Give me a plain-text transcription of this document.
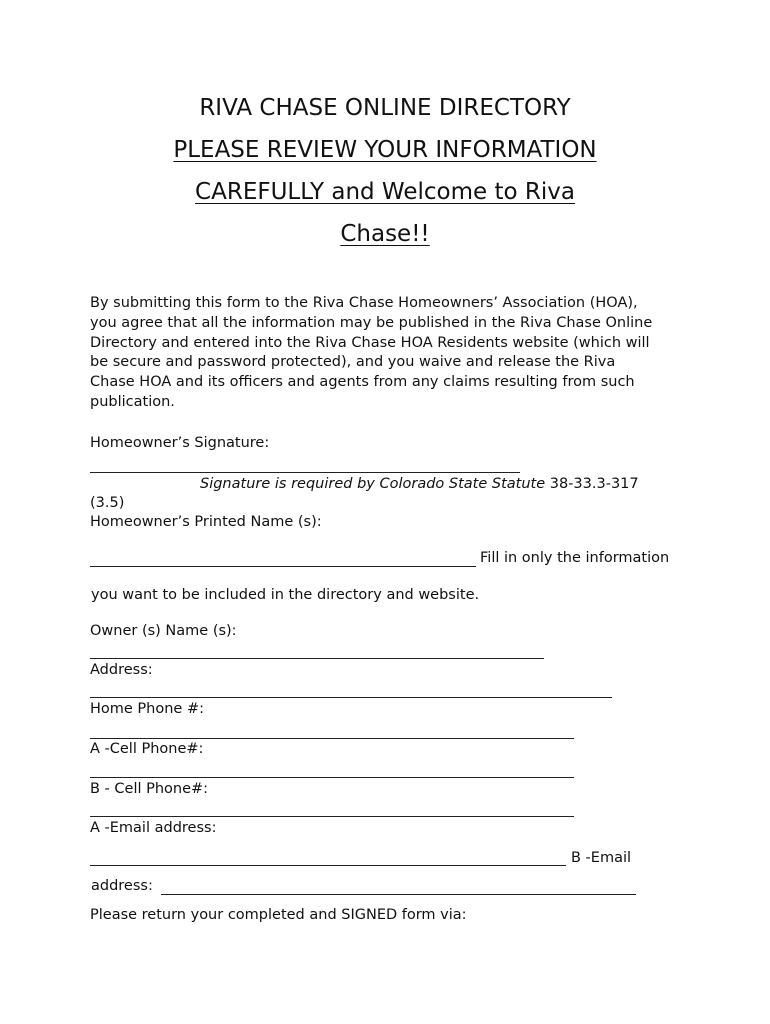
RIVA CHASE ONLINE DIRECTORY
PLEASE REVIEW YOUR INFORMATION
CAREFULLY and Welcome to Riva
Chase!!
By submitting this form to the Riva Chase Homeowners’ Association (HOA),
you agree that all the information may be published in the Riva Chase Online
Directory and entered into the Riva Chase HOA Residents website (which will
be secure and password protected), and you waive and release the Riva
Chase HOA and its officers and agents from any claims resulting from such
publication.
Homeowner’s Signature:
Signature is required by Colorado State Statute 38-33.3-317
(3.5)
Homeowner’s Printed Name (s):
Fill in only the information
you want to be included in the directory and website.
Owner (s) Name (s):
Address:
Home Phone #:
A -Cell Phone#:
B - Cell Phone#:
A -Email address:
B -Email
address:
Please return your completed and SIGNED form via:
